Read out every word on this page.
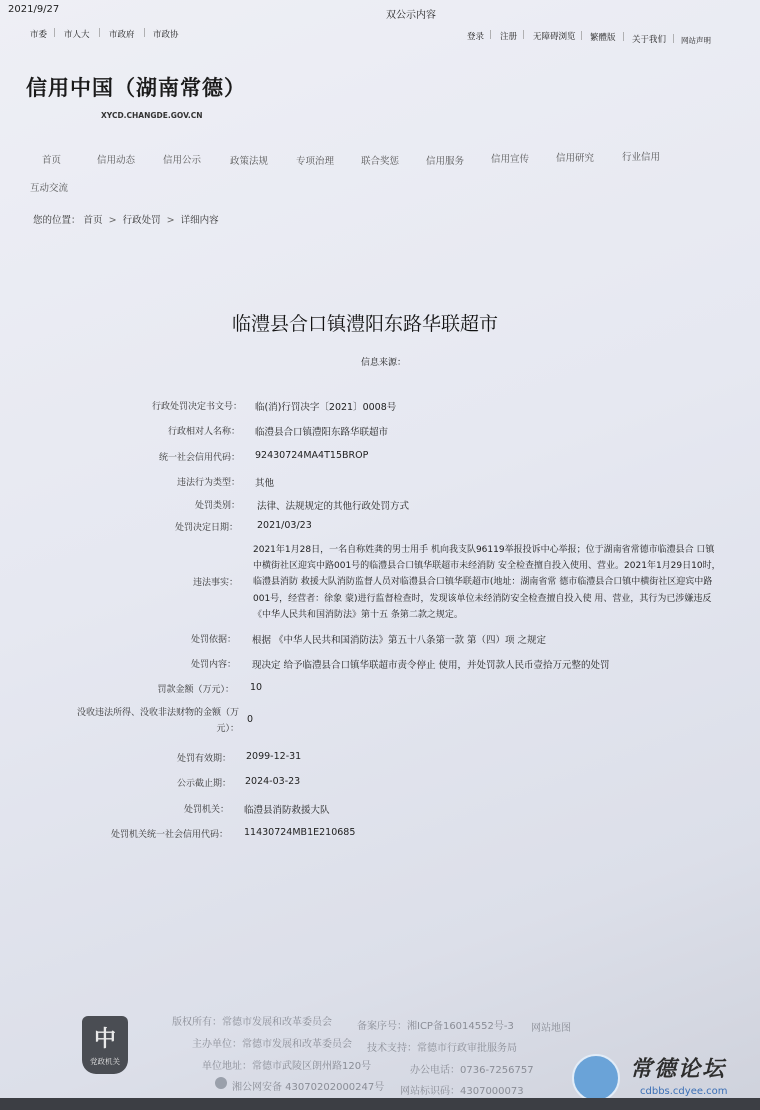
2021/9/27
双公示内容
市委 | 市人大 | 市政府 | 市政协	登录 | 注册 | 无障碍浏览 | 繁體版 | 关于我们 | 网站声明
信用中国（湖南常德）
XYCD.CHANGDE.GOV.CN
首页	信用动态	信用公示	政策法规	专项治理	联合奖惩	信用服务	信用宣传	信用研究	行业信用
互动交流
您的位置： 首页 > 行政处罚 > 详细内容
临澧县合口镇澧阳东路华联超市
信息来源：
行政处罚决定书文号： 临(消)行罚决字〔2021〕0008号
行政相对人名称： 临澧县合口镇澧阳东路华联超市
统一社会信用代码： 92430724MA4T15BROP
违法行为类型： 其他
处罚类别： 法律、法规规定的其他行政处罚方式
处罚决定日期： 2021/03/23
违法事实：
2021年1月28日，一名自称姓龚的男士用手 机向我支队96119举报投诉中心举报；位于湖南省常德市临澧县合 口镇中横街社区迎宾中路001号的临澧县合口镇华联超市未经消防 安全检查擅自投入使用、营业。2021年1月29日10时，临澧县消防 救援大队消防监督人员对临澧县合口镇华联超市(地址：湖南省常 德市临澧县合口镇中横街社区迎宾中路001号，经营者：徐象 蒙)进行监督检查时，发现该单位未经消防安全检查擅自投入使 用、营业，其行为已涉嫌违反《中华人民共和国消防法》第十五 条第二款之规定。
处罚依据： 根据 《中华人民共和国消防法》第五十八条第一款 第（四）项 之规定
处罚内容： 现决定 给予临澧县合口镇华联超市责令停止 使用，并处罚款人民币壹拾万元整的处罚
罚款金额（万元）： 10
没收违法所得、没收非法财物的金额（万元）：
0
处罚有效期： 2099-12-31
公示截止期： 2024-03-23
处罚机关： 临澧县消防救援大队
处罚机关统一社会信用代码： 11430724MB1E210685
版权所有：常德市发展和改革委员会	备案序号：湘ICP备16014552号-3 网站地图
主办单位：常德市发展和改革委员会 技术支持：常德市行政审批服务局
单位地址：常德市武陵区朗州路120号	办公电话：0736-7256757
湘公网安备 43070202000247号 网站标识码：4307000073
中
党政机关	常德论坛
cdbbs.cdyee.com
